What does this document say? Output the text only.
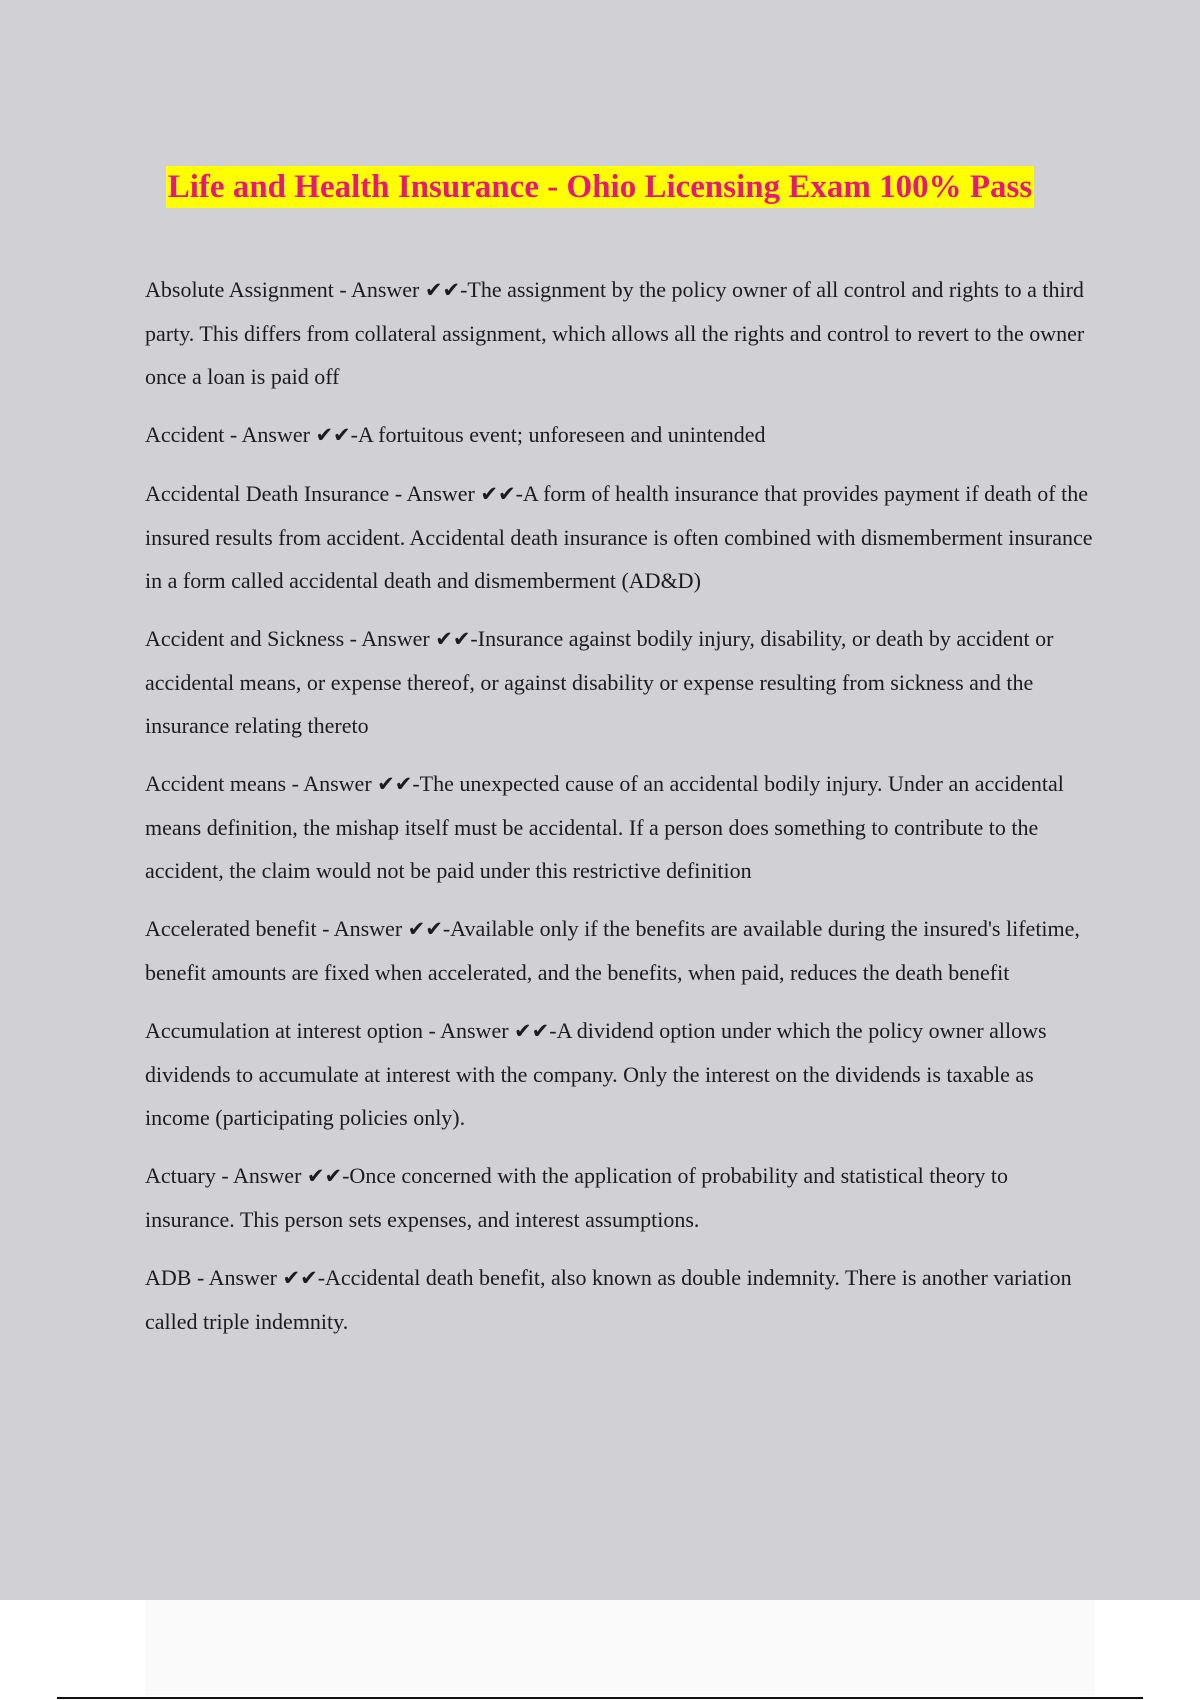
Life and Health Insurance - Ohio Licensing Exam 100% Pass

Absolute Assignment - Answer ✔✔-The assignment by the policy owner of all control and rights to a third party. This differs from collateral assignment, which allows all the rights and control to revert to the owner once a loan is paid off

Accident - Answer ✔✔-A fortuitous event; unforeseen and unintended

Accidental Death Insurance - Answer ✔✔-A form of health insurance that provides payment if death of the insured results from accident. Accidental death insurance is often combined with dismemberment insurance in a form called accidental death and dismemberment (AD&D)

Accident and Sickness - Answer ✔✔-Insurance against bodily injury, disability, or death by accident or accidental means, or expense thereof, or against disability or expense resulting from sickness and the insurance relating thereto

Accident means - Answer ✔✔-The unexpected cause of an accidental bodily injury. Under an accidental means definition, the mishap itself must be accidental. If a person does something to contribute to the accident, the claim would not be paid under this restrictive definition

Accelerated benefit - Answer ✔✔-Available only if the benefits are available during the insured's lifetime, benefit amounts are fixed when accelerated, and the benefits, when paid, reduces the death benefit

Accumulation at interest option - Answer ✔✔-A dividend option under which the policy owner allows dividends to accumulate at interest with the company. Only the interest on the dividends is taxable as income (participating policies only).

Actuary - Answer ✔✔-Once concerned with the application of probability and statistical theory to insurance. This person sets expenses, and interest assumptions.

ADB - Answer ✔✔-Accidental death benefit, also known as double indemnity. There is another variation called triple indemnity.
